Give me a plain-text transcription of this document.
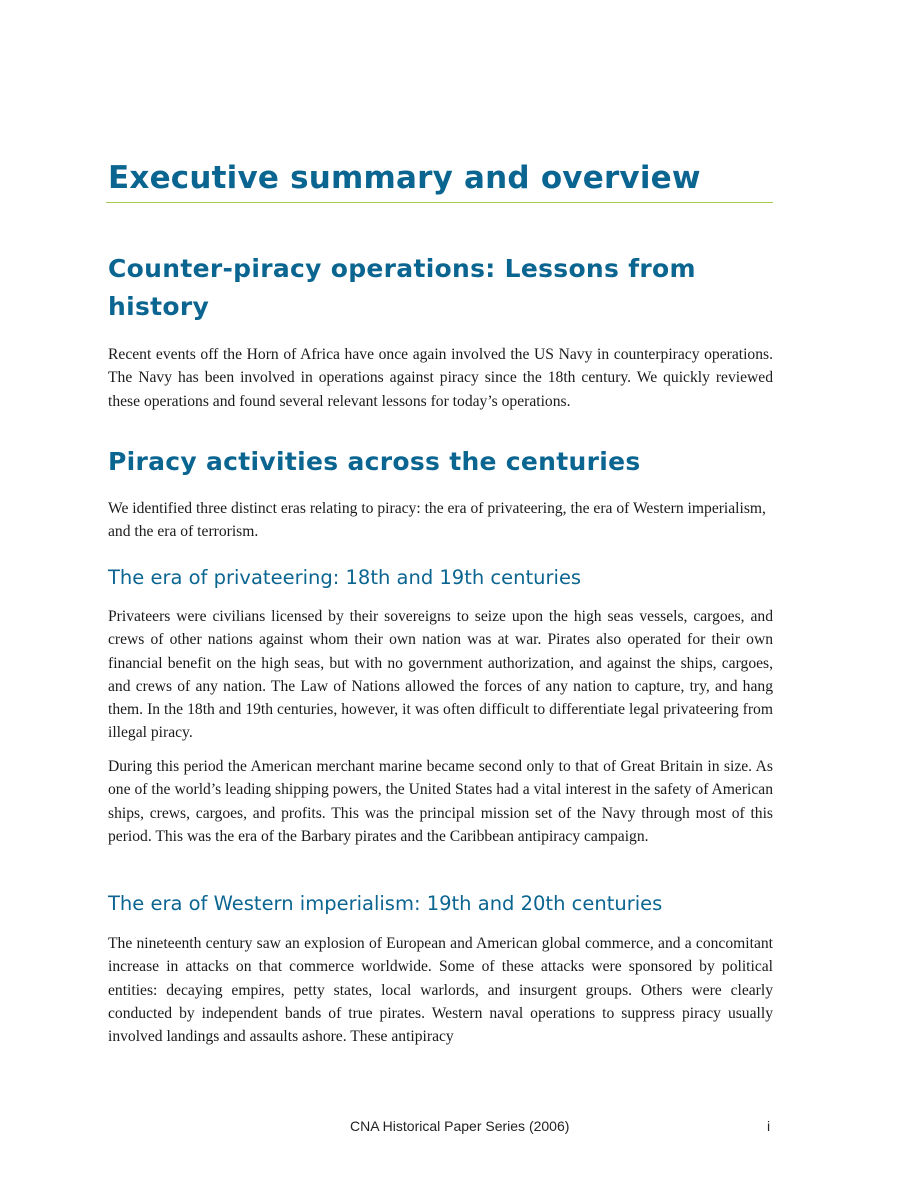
Executive summary and overview
Counter-piracy operations: Lessons from history

Recent events off the Horn of Africa have once again involved the US Navy in counterpiracy operations. The Navy has been involved in operations against piracy since the 18th century. We quickly reviewed these operations and found several relevant lessons for today’s operations.

Piracy activities across the centuries

We identified three distinct eras relating to piracy: the era of privateering, the era of Western imperialism, and the era of terrorism.

The era of privateering: 18th and 19th centuries

Privateers were civilians licensed by their sovereigns to seize upon the high seas vessels, cargoes, and crews of other nations against whom their own nation was at war. Pirates also operated for their own financial benefit on the high seas, but with no government authorization, and against the ships, cargoes, and crews of any nation. The Law of Nations allowed the forces of any nation to capture, try, and hang them. In the 18th and 19th centuries, however, it was often difficult to differentiate legal privateering from illegal piracy.

During this period the American merchant marine became second only to that of Great Britain in size. As one of the world’s leading shipping powers, the United States had a vital interest in the safety of American ships, crews, cargoes, and profits. This was the principal mission set of the Navy through most of this period. This was the era of the Barbary pirates and the Caribbean antipiracy campaign.

The era of Western imperialism: 19th and 20th centuries

The nineteenth century saw an explosion of European and American global commerce, and a concomitant increase in attacks on that commerce worldwide. Some of these attacks were sponsored by political entities: decaying empires, petty states, local warlords, and insurgent groups. Others were clearly conducted by independent bands of true pirates. Western naval operations to suppress piracy usually involved landings and assaults ashore. These antipiracy

CNA Historical Paper Series (2006)	i
